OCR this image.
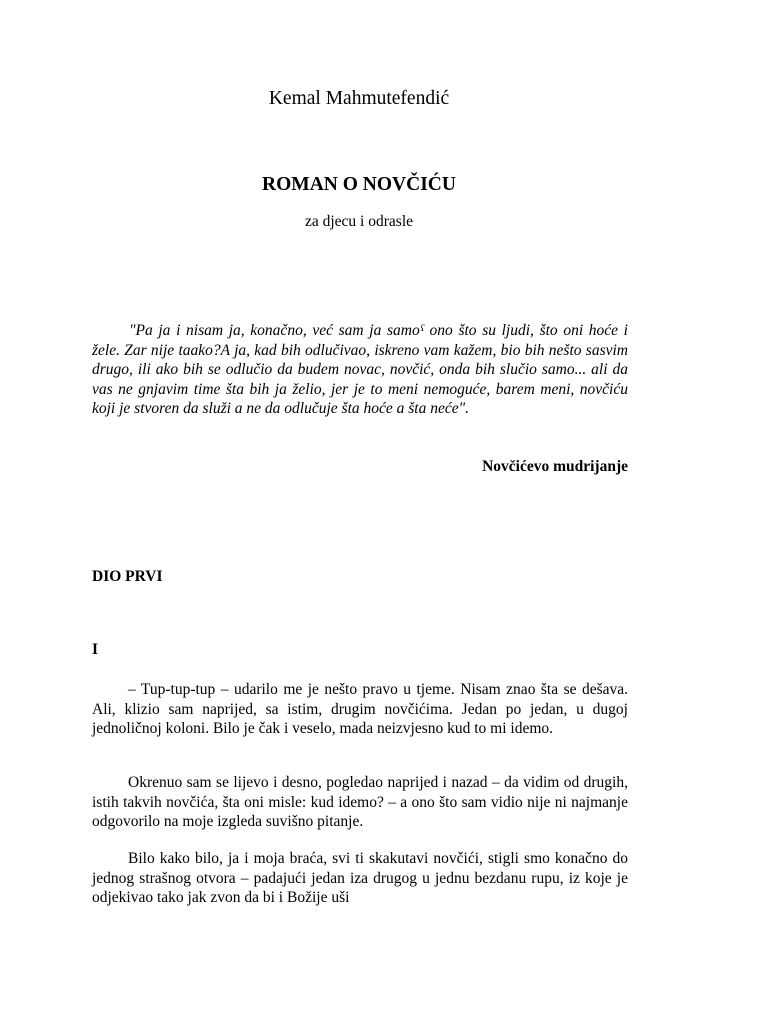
Kemal Mahmutefendić
ROMAN O NOVČIĆU
za djecu i odrasle

"Pa ja i nisam ja, konačno, već sam ja samoˤ ono što su ljudi, što oni hoće i žele. Zar nije taako?A ja, kad bih odlučivao, iskreno vam kažem, bio bih nešto sasvim drugo, ili ako bih se odlučio da budem novac, novčić, onda bih slučio samo... ali da vas ne gnjavim time šta bih ja želio, jer je to meni nemoguće, barem meni, novčiću koji je stvoren da služi a ne da odlučuje šta hoće a šta neće".

Novčićevo mudrijanje
DIO PRVI
I

– Tup-tup-tup – udarilo me je nešto pravo u tjeme. Nisam znao šta se dešava. Ali, klizio sam naprijed, sa istim, drugim novčićima. Jedan po jedan, u dugoj jednoličnoj koloni. Bilo je čak i veselo, mada neizvjesno kud to mi idemo.

Okrenuo sam se lijevo i desno, pogledao naprijed i nazad – da vidim od drugih, istih takvih novčića, šta oni misle: kud idemo? – a ono što sam vidio nije ni najmanje odgovorilo na moje izgleda suvišno pitanje.

Bilo kako bilo, ja i moja braća, svi ti skakutavi novčići, stigli smo konačno do jednog strašnog otvora – padajući jedan iza drugog u jednu bezdanu rupu, iz koje je odjekivao tako jak zvon da bi i Božije uši
